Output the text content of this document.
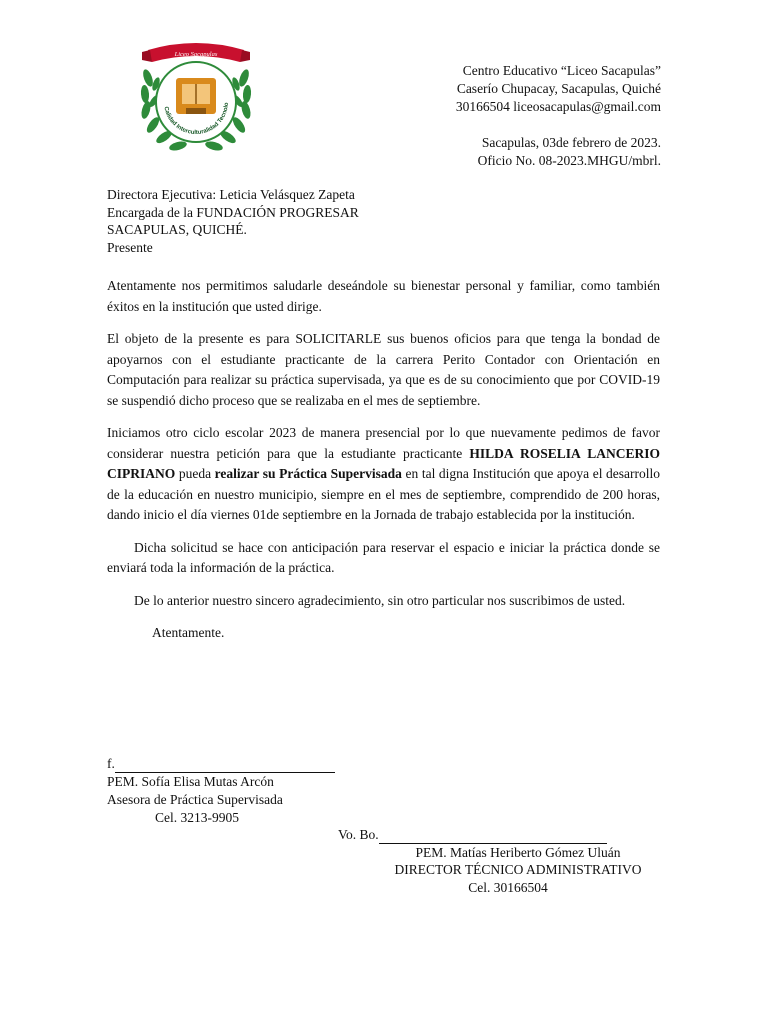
Calidad Interculturalidad Tecnolo
Liceo Sacapulas
Centro Educativo “Liceo Sacapulas”
Caserío Chupacay, Sacapulas, Quiché
30166504 liceosacapulas@gmail.com
Sacapulas, 03de febrero de 2023.
Oficio No. 08-2023.MHGU/mbrl.
Directora Ejecutiva: Leticia Velásquez Zapeta
Encargada de la FUNDACIÓN PROGRESAR
SACAPULAS, QUICHÉ.
Presente

Atentamente nos permitimos saludarle deseándole su bienestar personal y familiar, como también éxitos en la institución que usted dirige.

El objeto de la presente es para SOLICITARLE sus buenos oficios para que tenga la bondad de apoyarnos con el estudiante practicante de la carrera Perito Contador con Orientación en Computación para realizar su práctica supervisada, ya que es de su conocimiento que por COVID-19 se suspendió dicho proceso que se realizaba en el mes de septiembre.

Iniciamos otro ciclo escolar 2023 de manera presencial por lo que nuevamente pedimos de favor considerar nuestra petición para que la estudiante practicante HILDA ROSELIA LANCERIO CIPRIANO pueda realizar su Práctica Supervisada en tal digna Institución que apoya el desarrollo de la educación en nuestro municipio, siempre en el mes de septiembre, comprendido de 200 horas, dando inicio el día viernes 01de septiembre en la Jornada de trabajo establecida por la institución.

Dicha solicitud se hace con anticipación para reservar el espacio e iniciar la práctica donde se enviará toda la información de la práctica.

De lo anterior nuestro sincero agradecimiento, sin otro particular nos suscribimos de usted.

Atentamente.

f.
PEM. Sofía Elisa Mutas Arcón
Asesora de Práctica Supervisada
Cel. 3213-9905
Vo. Bo.
PEM. Matías Heriberto Gómez Uluán
DIRECTOR TÉCNICO ADMINISTRATIVO
Cel. 30166504
